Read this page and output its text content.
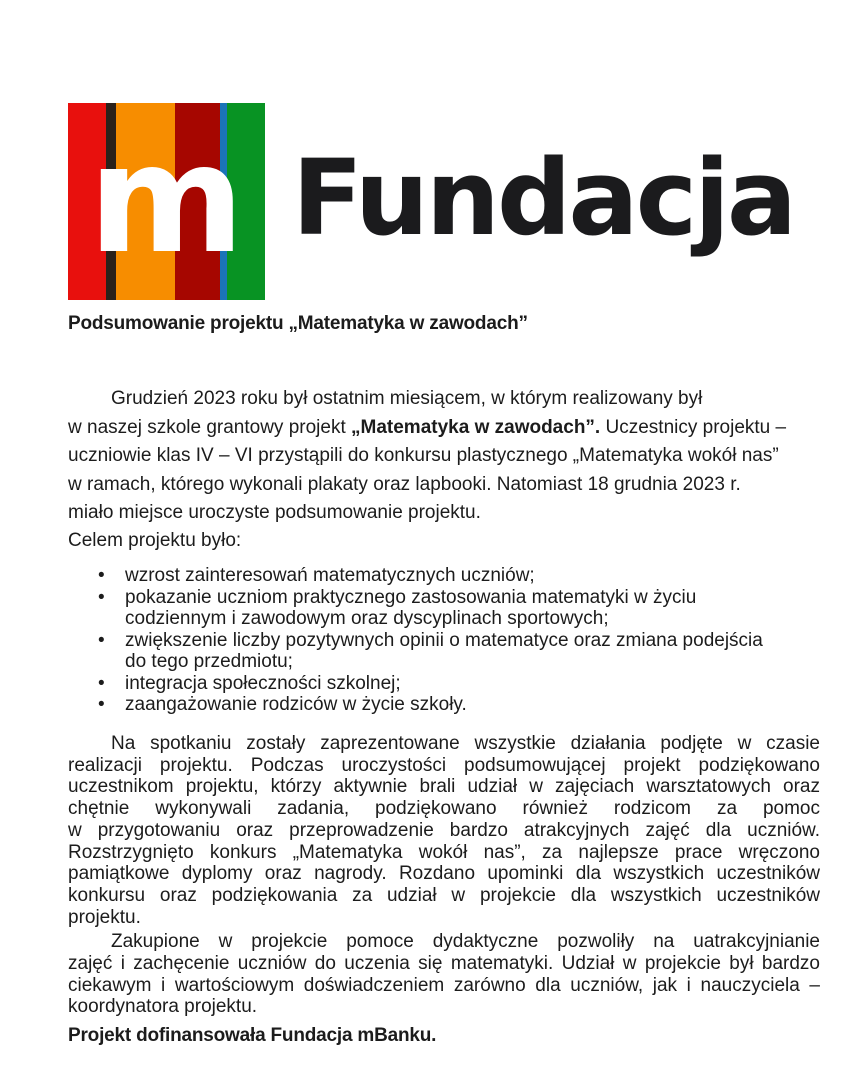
m Fundacja
Podsumowanie projektu „Matematyka w zawodach”
Grudzień 2023 roku był ostatnim miesiącem, w którym realizowany był
w naszej szkole grantowy projekt „Matematyka w zawodach”. Uczestnicy projektu –
uczniowie klas IV – VI przystąpili do konkursu plastycznego „Matematyka wokół nas”
w ramach, którego wykonali plakaty oraz lapbooki. Natomiast 18 grudnia 2023 r.
miało miejsce uroczyste podsumowanie projektu.
Celem projektu było:
• wzrost zainteresowań matematycznych uczniów;
• pokazanie uczniom praktycznego zastosowania matematyki w życiu
codziennym i zawodowym oraz dyscyplinach sportowych;
• zwiększenie liczby pozytywnych opinii o matematyce oraz zmiana podejścia
do tego przedmiotu;
• integracja społeczności szkolnej;
• zaangażowanie rodziców w życie szkoły.
Na spotkaniu zostały zaprezentowane wszystkie działania podjęte w czasie
realizacji projektu. Podczas uroczystości podsumowującej projekt podziękowano
uczestnikom projektu, którzy aktywnie brali udział w zajęciach warsztatowych oraz
chętnie wykonywali zadania, podziękowano również rodzicom za pomoc
w przygotowaniu oraz przeprowadzenie bardzo atrakcyjnych zajęć dla uczniów.
Rozstrzygnięto konkurs „Matematyka wokół nas”, za najlepsze prace wręczono
pamiątkowe dyplomy oraz nagrody. Rozdano upominki dla wszystkich uczestników
konkursu oraz podziękowania za udział w projekcie dla wszystkich uczestników
projektu.
Zakupione w projekcie pomoce dydaktyczne pozwoliły na uatrakcyjnianie
zajęć i zachęcenie uczniów do uczenia się matematyki. Udział w projekcie był bardzo
ciekawym i wartościowym doświadczeniem zarówno dla uczniów, jak i nauczyciela –
koordynatora projektu.
Projekt dofinansowała Fundacja mBanku.
